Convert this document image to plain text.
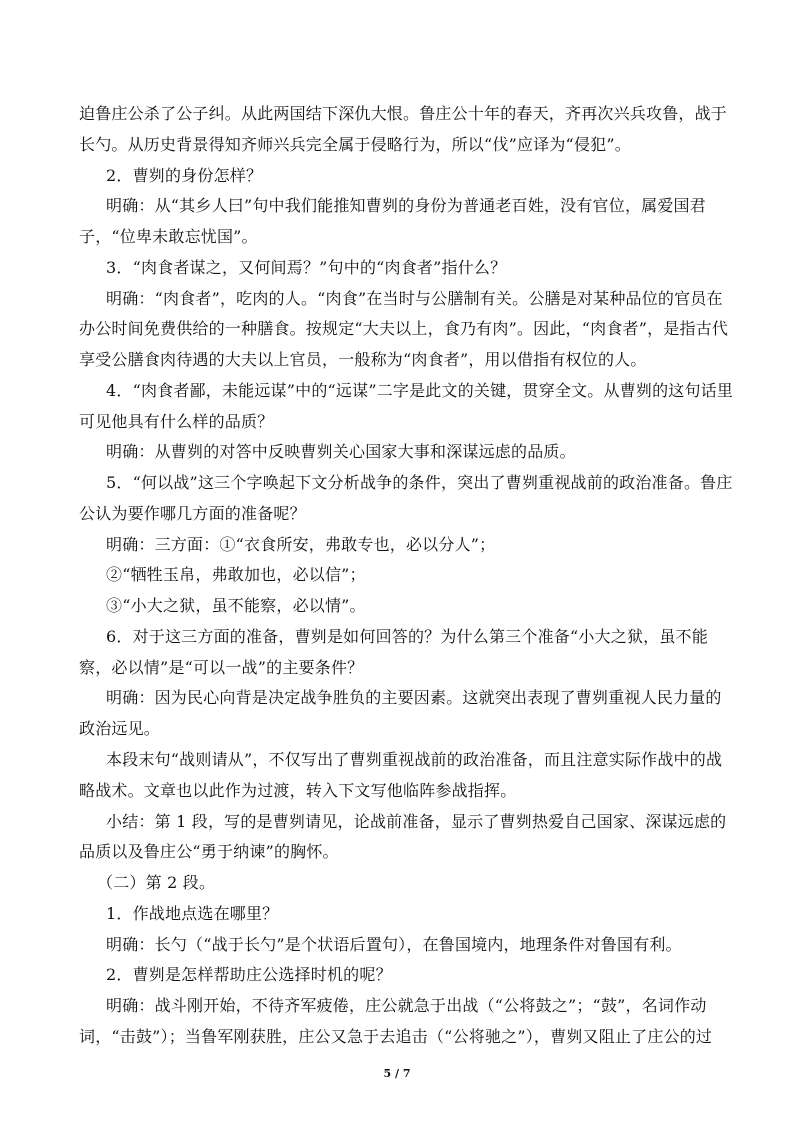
迫鲁庄公杀了公子纠。从此两国结下深仇大恨。鲁庄公十年的春天，齐再次兴兵攻鲁，战于
长勺。从历史背景得知齐师兴兵完全属于侵略行为，所以“伐”应译为“侵犯”。
2．曹刿的身份怎样？
明确：从“其乡人曰”句中我们能推知曹刿的身份为普通老百姓，没有官位，属爱国君
子，“位卑未敢忘忧国”。
3．“肉食者谋之，又何间焉？”句中的“肉食者”指什么？
明确：“肉食者”，吃肉的人。“肉食”在当时与公膳制有关。公膳是对某种品位的官员在
办公时间免费供给的一种膳食。按规定“大夫以上，食乃有肉”。因此，“肉食者”，是指古代
享受公膳食肉待遇的大夫以上官员，一般称为“肉食者”，用以借指有权位的人。
4．“肉食者鄙，未能远谋”中的“远谋”二字是此文的关键，贯穿全文。从曹刿的这句话里
可见他具有什么样的品质？
明确：从曹刿的对答中反映曹刿关心国家大事和深谋远虑的品质。
5．“何以战”这三个字唤起下文分析战争的条件，突出了曹刿重视战前的政治准备。鲁庄
公认为要作哪几方面的准备呢？
明确：三方面：①“衣食所安，弗敢专也，必以分人”；
②“牺牲玉帛，弗敢加也，必以信”；
③“小大之狱，虽不能察，必以情”。
6．对于这三方面的准备，曹刿是如何回答的？为什么第三个准备“小大之狱，虽不能
察，必以情”是“可以一战”的主要条件？
明确：因为民心向背是决定战争胜负的主要因素。这就突出表现了曹刿重视人民力量的
政治远见。
本段末句“战则请从”，不仅写出了曹刿重视战前的政治准备，而且注意实际作战中的战
略战术。文章也以此作为过渡，转入下文写他临阵参战指挥。
⼩结：第 1 段，写的是曹刿请见，论战前准备，显示了曹刿热爱自己国家、深谋远虑的
品质以及鲁庄公“勇于纳谏”的胸怀。
（二）第 2 段。
1．作战地点选在哪里？
明确：长勺（“战于长勺”是个状语后置句），在鲁国境内，地理条件对鲁国有利。
2．曹刿是怎样帮助庄公选择时机的呢？
明确：战斗刚开始，不待齐军疲倦，庄公就急于出战（“公将鼓之”；“鼓”，名词作动
词，“击鼓”）；当鲁军刚获胜，庄公又急于去追击（“公将驰之”），曹刿又阻止了庄公的过
5 / 7
